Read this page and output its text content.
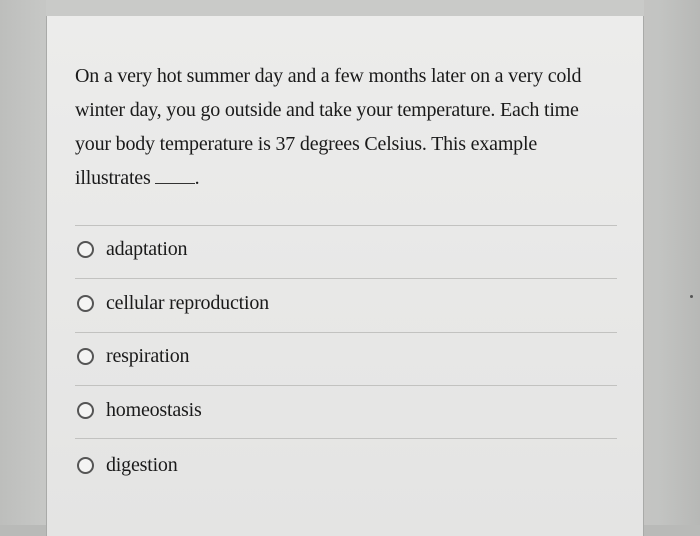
On a very hot summer day and a few months later on a very cold
winter day, you go outside and take your temperature. Each time
your body temperature is 37 degrees Celsius. This example
illustrates .
adaptation
cellular reproduction
respiration
homeostasis
digestion
